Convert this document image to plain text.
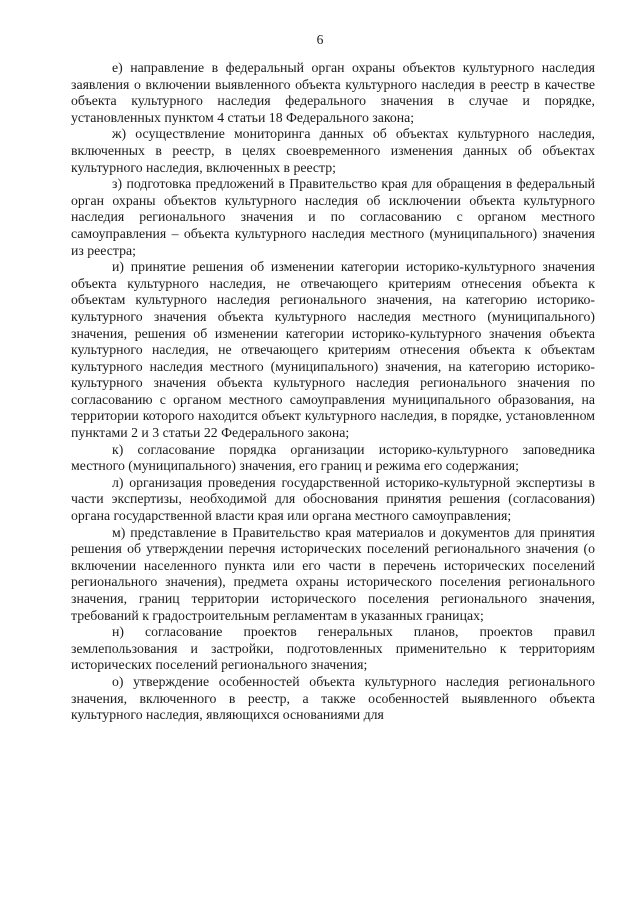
6

е) направление в федеральный орган охраны объектов культурного наследия заявления о включении выявленного объекта культурного наследия в реестр в качестве объекта культурного наследия федерального значения в случае и порядке, установленных пунктом 4 статьи 18 Федерального закона;

ж) осуществление мониторинга данных об объектах культурного наследия, включенных в реестр, в целях своевременного изменения данных об объектах культурного наследия, включенных в реестр;

з) подготовка предложений в Правительство края для обращения в федеральный орган охраны объектов культурного наследия об исключении объекта культурного наследия регионального значения и по согласованию с органом местного самоуправления – объекта культурного наследия местного (муниципального) значения из реестра;

и) принятие решения об изменении категории историко-культурного значения объекта культурного наследия, не отвечающего критериям отнесения объекта к объектам культурного наследия регионального значения, на категорию историко-культурного значения объекта культурного наследия местного (муниципального) значения, решения об изменении категории историко-культурного значения объекта культурного наследия, не отвечающего критериям отнесения объекта к объектам культурного наследия местного (муниципального) значения, на категорию историко-культурного значения объекта культурного наследия регионального значения по согласованию с органом местного самоуправления муниципального образования, на территории которого находится объект культурного наследия, в порядке, установленном пунктами 2 и 3 статьи 22 Федерального закона;

к) согласование порядка организации историко-культурного заповедника местного (муниципального) значения, его границ и режима его содержания;

л) организация проведения государственной историко-культурной экспертизы в части экспертизы, необходимой для обоснования принятия решения (согласования) органа государственной власти края или органа местного самоуправления;

м) представление в Правительство края материалов и документов для принятия решения об утверждении перечня исторических поселений регионального значения (о включении населенного пункта или его части в перечень исторических поселений регионального значения), предмета охраны исторического поселения регионального значения, границ территории исторического поселения регионального значения, требований к градостроительным регламентам в указанных границах;

н) согласование проектов генеральных планов, проектов правил землепользования и застройки, подготовленных применительно к территориям исторических поселений регионального значения;

о) утверждение особенностей объекта культурного наследия регионального значения, включенного в реестр, а также особенностей выявленного объекта культурного наследия, являющихся основаниями для
